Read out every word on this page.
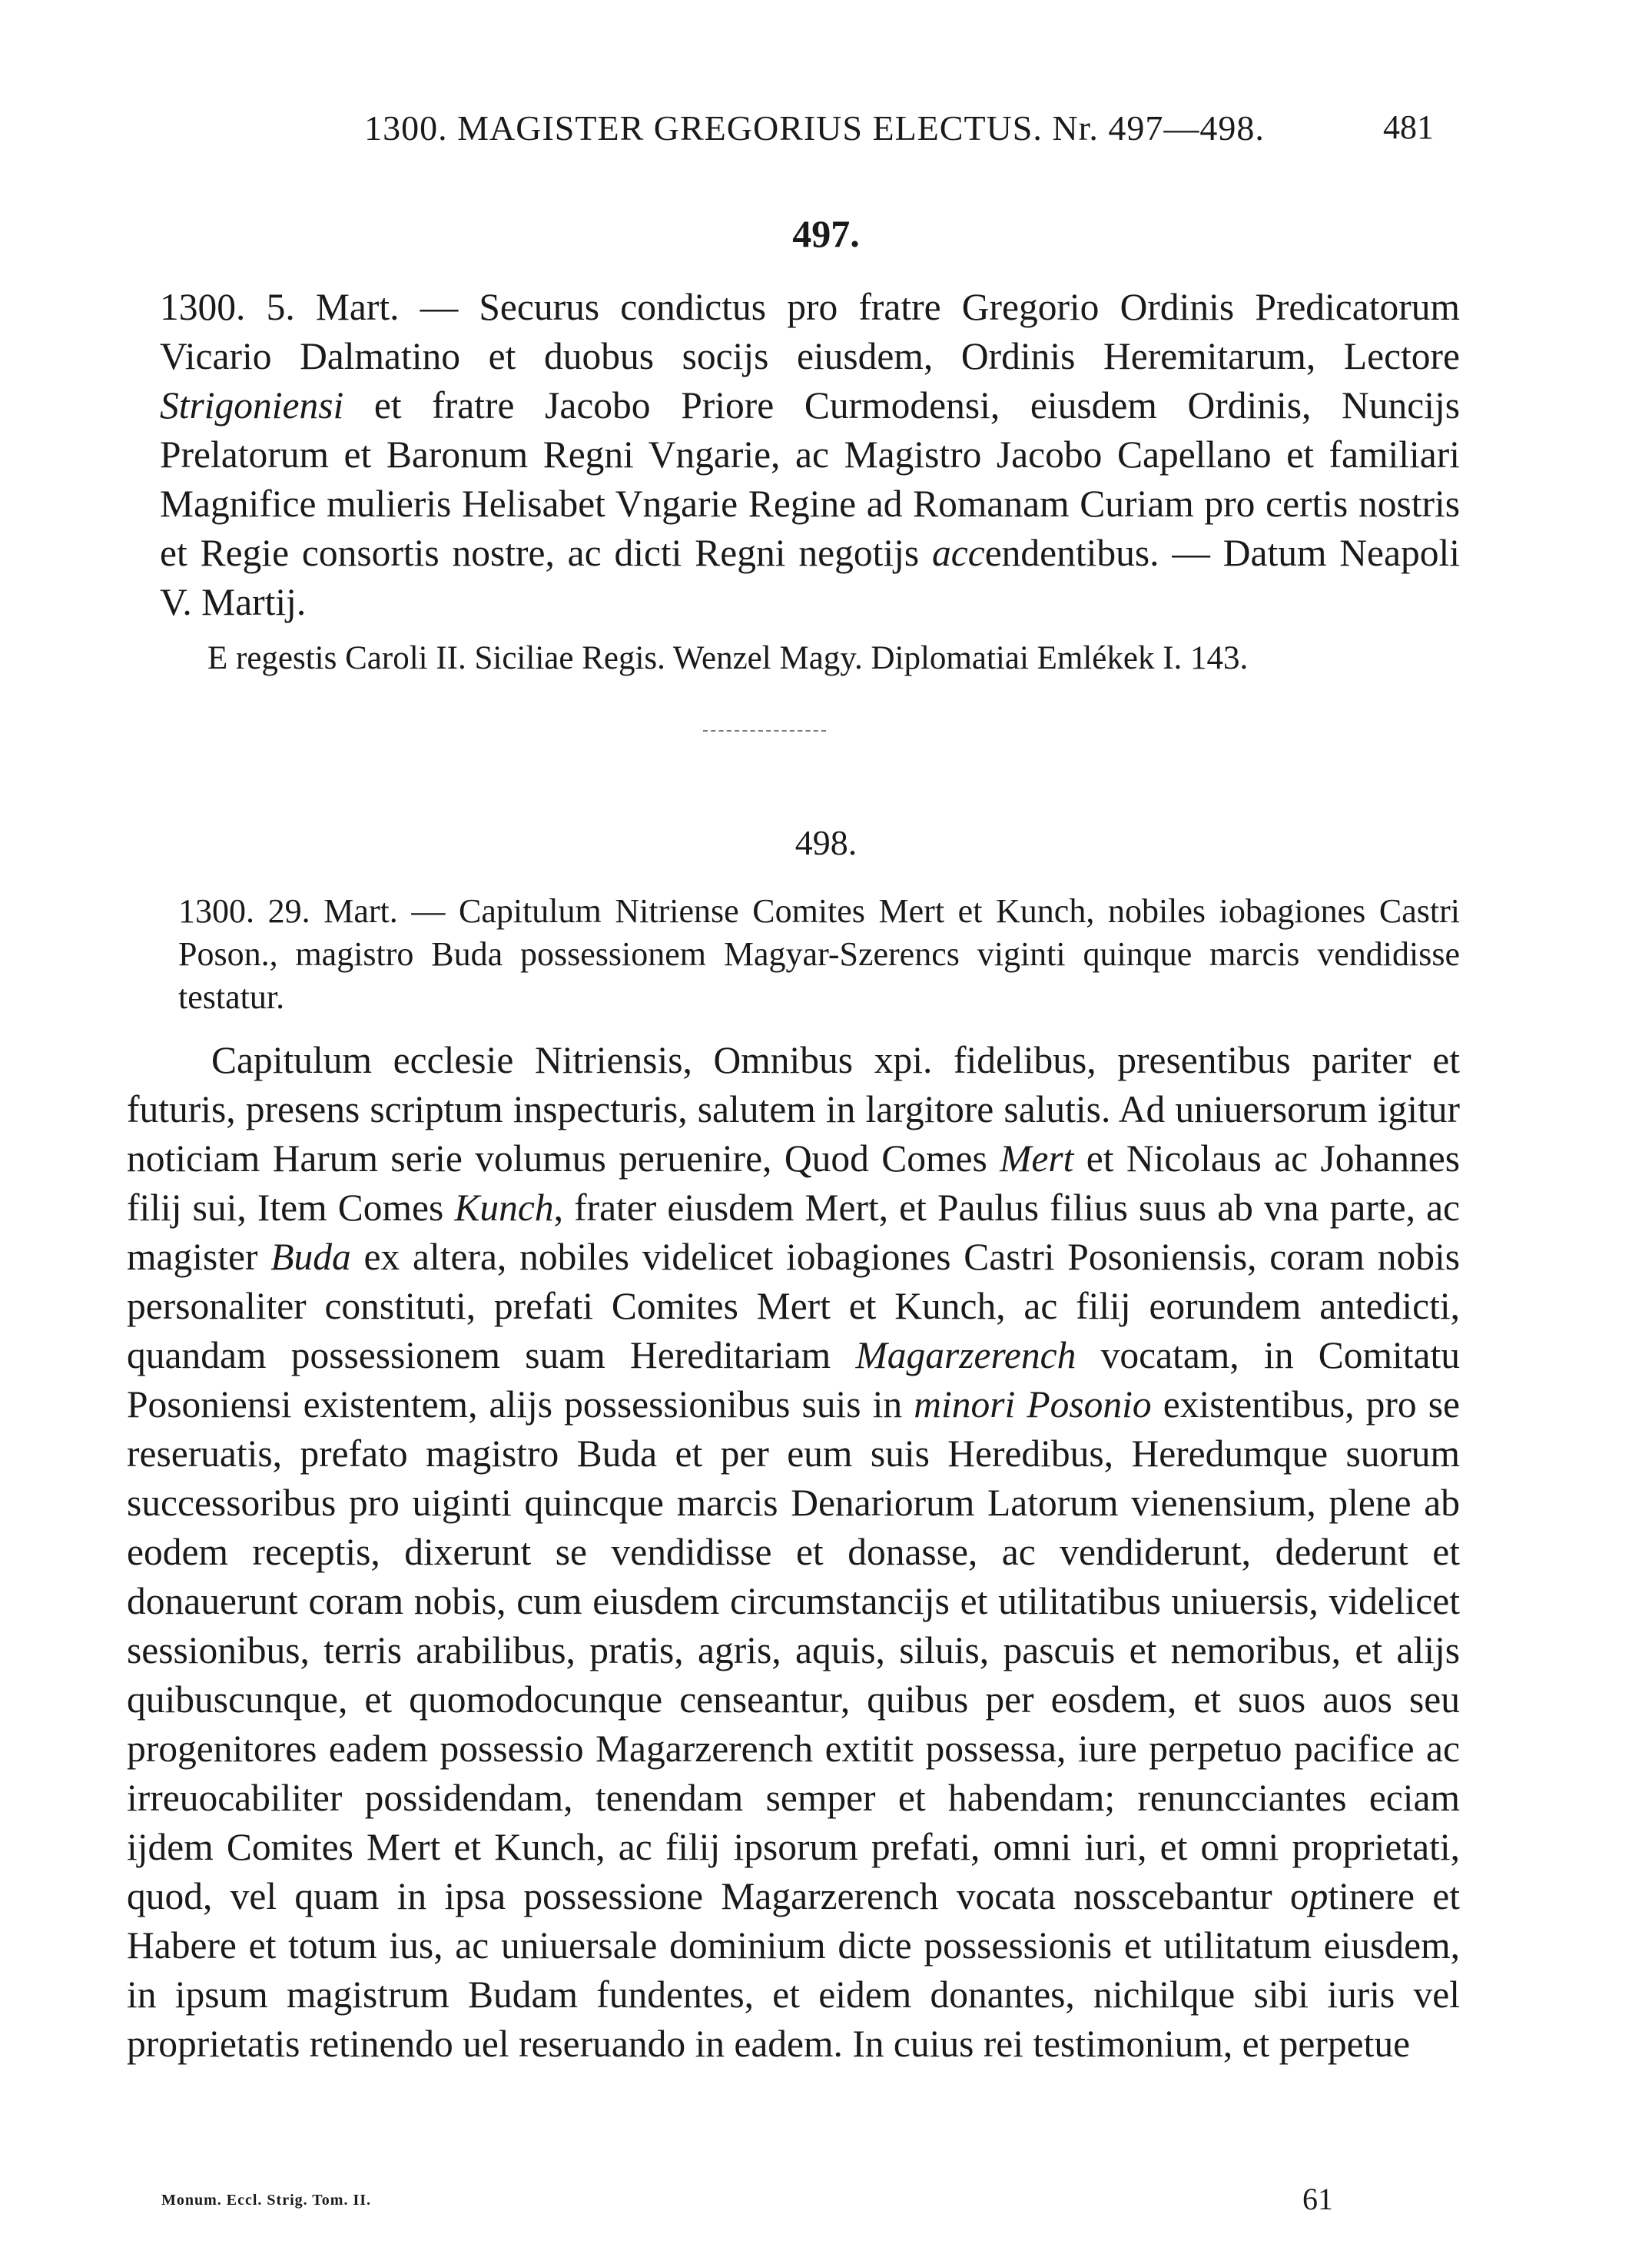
1300. MAGISTER GREGORIUS ELECTUS. Nr. 497—498.	481
497.
1300. 5. Mart. — Securus condictus pro fratre Gregorio Ordinis Predicatorum Vicario Dalmatino et duobus socijs eiusdem, Ordinis Heremitarum, Lectore Strigoniensi et fratre Jacobo Priore Curmodensi, eiusdem Ordinis, Nuncijs Prelatorum et Baronum Regni Vngarie, ac Magistro Jacobo Capellano et familiari Magnifice mulieris Helisabet Vngarie Regine ad Romanam Curiam pro certis nostris et Regie consortis nostre, ac dicti Regni negotijs accendentibus. — Datum Neapoli V. Martij.
E regestis Caroli II. Siciliae Regis. Wenzel Magy. Diplomatiai Emlékek I. 143.
498.
1300. 29. Mart. — Capitulum Nitriense Comites Mert et Kunch, nobiles iobagiones Castri Poson., magistro Buda possessionem Magyar-Szerencs viginti quinque marcis vendidisse testatur.
Capitulum ecclesie Nitriensis, Omnibus xpi. fidelibus, presentibus pariter et futuris, presens scriptum inspecturis, salutem in largitore salutis. Ad uniuersorum igitur noticiam Harum serie volumus peruenire, Quod Comes Mert et Nicolaus ac Johannes filij sui, Item Comes Kunch, frater eiusdem Mert, et Paulus filius suus ab vna parte, ac magister Buda ex altera, nobiles videlicet iobagiones Castri Posoniensis, coram nobis personaliter constituti, prefati Comites Mert et Kunch, ac filij eorundem antedicti, quandam possessionem suam Hereditariam Magarzerench vocatam, in Comitatu Posoniensi existentem, alijs possessionibus suis in minori Posonio existentibus, pro se reseruatis, prefato magistro Buda et per eum suis Heredibus, Heredumque suorum successoribus pro uiginti quincque marcis Denariorum Latorum vienensium, plene ab eodem receptis, dixerunt se vendidisse et donasse, ac vendiderunt, dederunt et donauerunt coram nobis, cum eiusdem circumstancijs et utilitatibus uniuersis, videlicet sessionibus, terris arabilibus, pratis, agris, aquis, siluis, pascuis et nemoribus, et alijs quibuscunque, et quomodocunque censeantur, quibus per eosdem, et suos auos seu progenitores eadem possessio Magarzerench extitit possessa, iure perpetuo pacifice ac irreuocabiliter possidendam, tenendam semper et habendam; renuncciantes eciam ijdem Comites Mert et Kunch, ac filij ipsorum prefati, omni iuri, et omni proprietati, quod, vel quam in ipsa possessione Magarzerench vocata nosscebantur optinere et Habere et totum ius, ac uniuersale dominium dicte possessionis et utilitatum eiusdem, in ipsum magistrum Budam fundentes, et eidem donantes, nichilque sibi iuris vel proprietatis retinendo uel reseruando in eadem. In cuius rei testimonium, et perpetue
Monum. Eccl. Strig. Tom. II.	61
